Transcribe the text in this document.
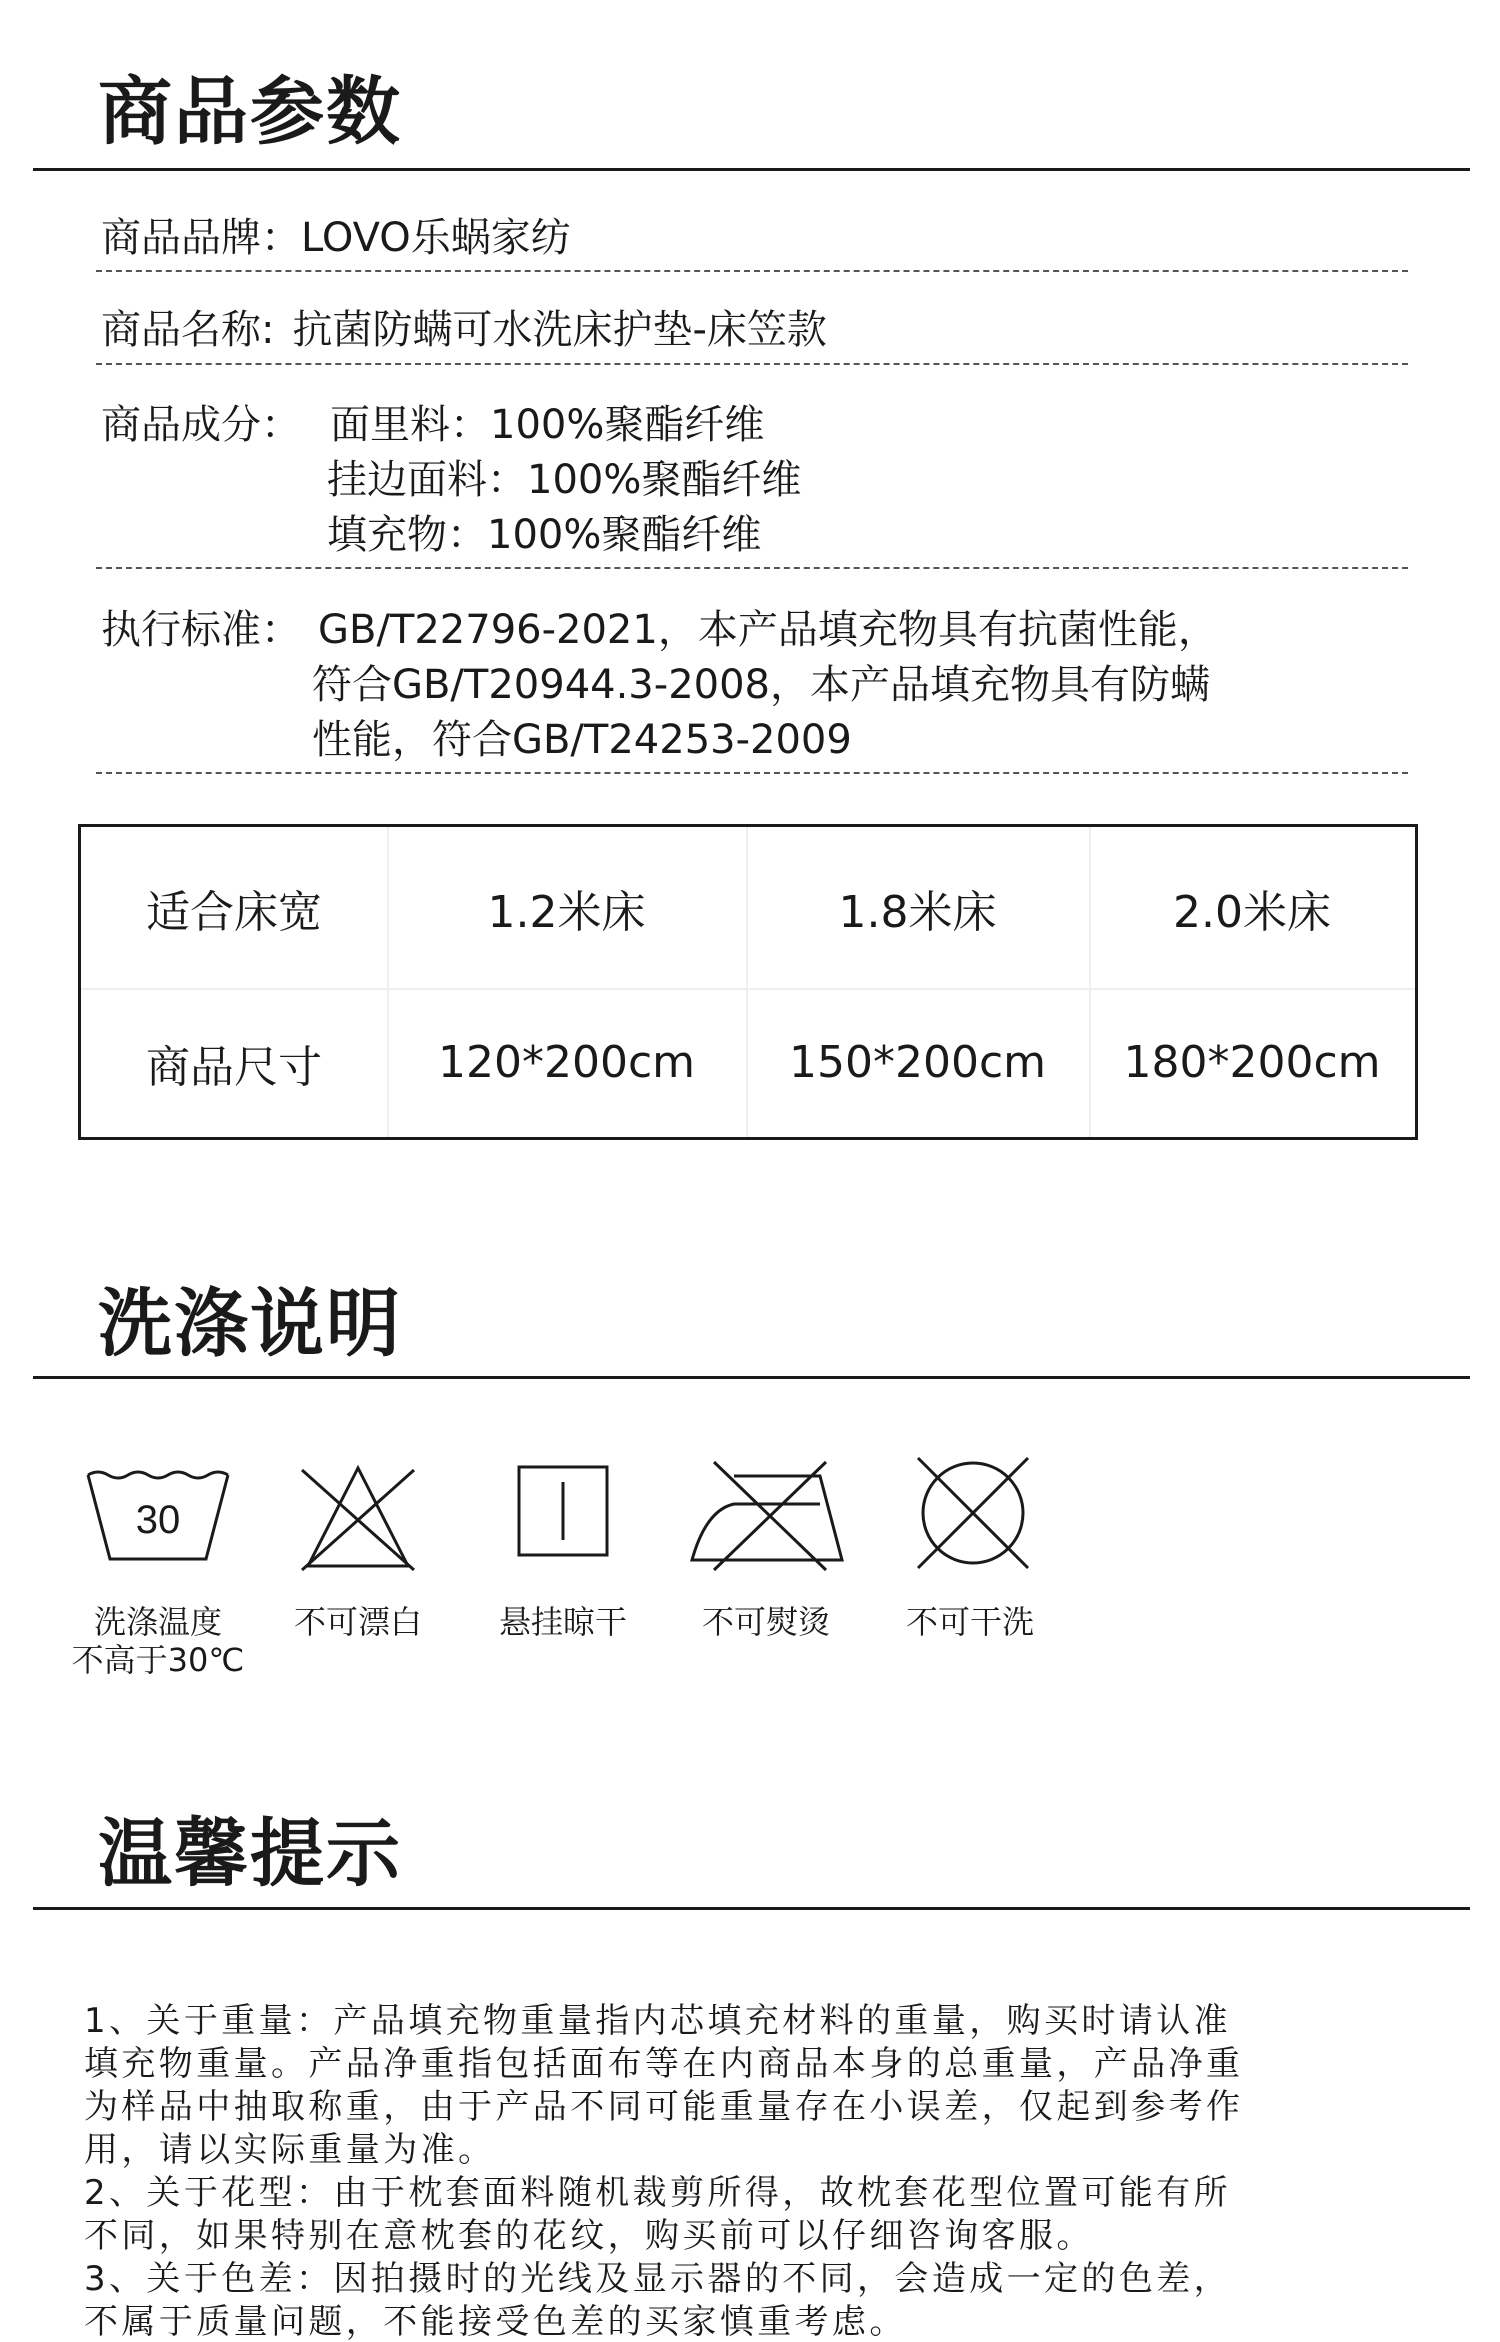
商品参数
商品品牌：LOVO乐蜗家纺
商品名称: 抗菌防螨可水洗床护垫-床笠款
商品成分： 面里料：100%聚酯纤维
挂边面料：100%聚酯纤维
填充物：100%聚酯纤维
执行标准： GB/T22796-2021，本产品填充物具有抗菌性能，
符合GB/T20944.3-2008，本产品填充物具有防螨
性能，符合GB/T24253-2009
适合床宽	1.2米床	1.8米床	2.0米床
商品尺寸	120*200cm	150*200cm	180*200cm
洗涤说明
30
洗涤温度
不高于30℃
不可漂白	悬挂晾干	不可熨烫	不可干洗
温馨提示
1、关于重量：产品填充物重量指内芯填充材料的重量，购买时请认准
填充物重量。产品净重指包括面布等在内商品本身的总重量，产品净重
为样品中抽取称重，由于产品不同可能重量存在小误差，仅起到参考作
用，请以实际重量为准。
2、关于花型：由于枕套面料随机裁剪所得，故枕套花型位置可能有所
不同，如果特别在意枕套的花纹，购买前可以仔细咨询客服。
3、关于色差：因拍摄时的光线及显示器的不同，会造成一定的色差，
不属于质量问题，不能接受色差的买家慎重考虑。
